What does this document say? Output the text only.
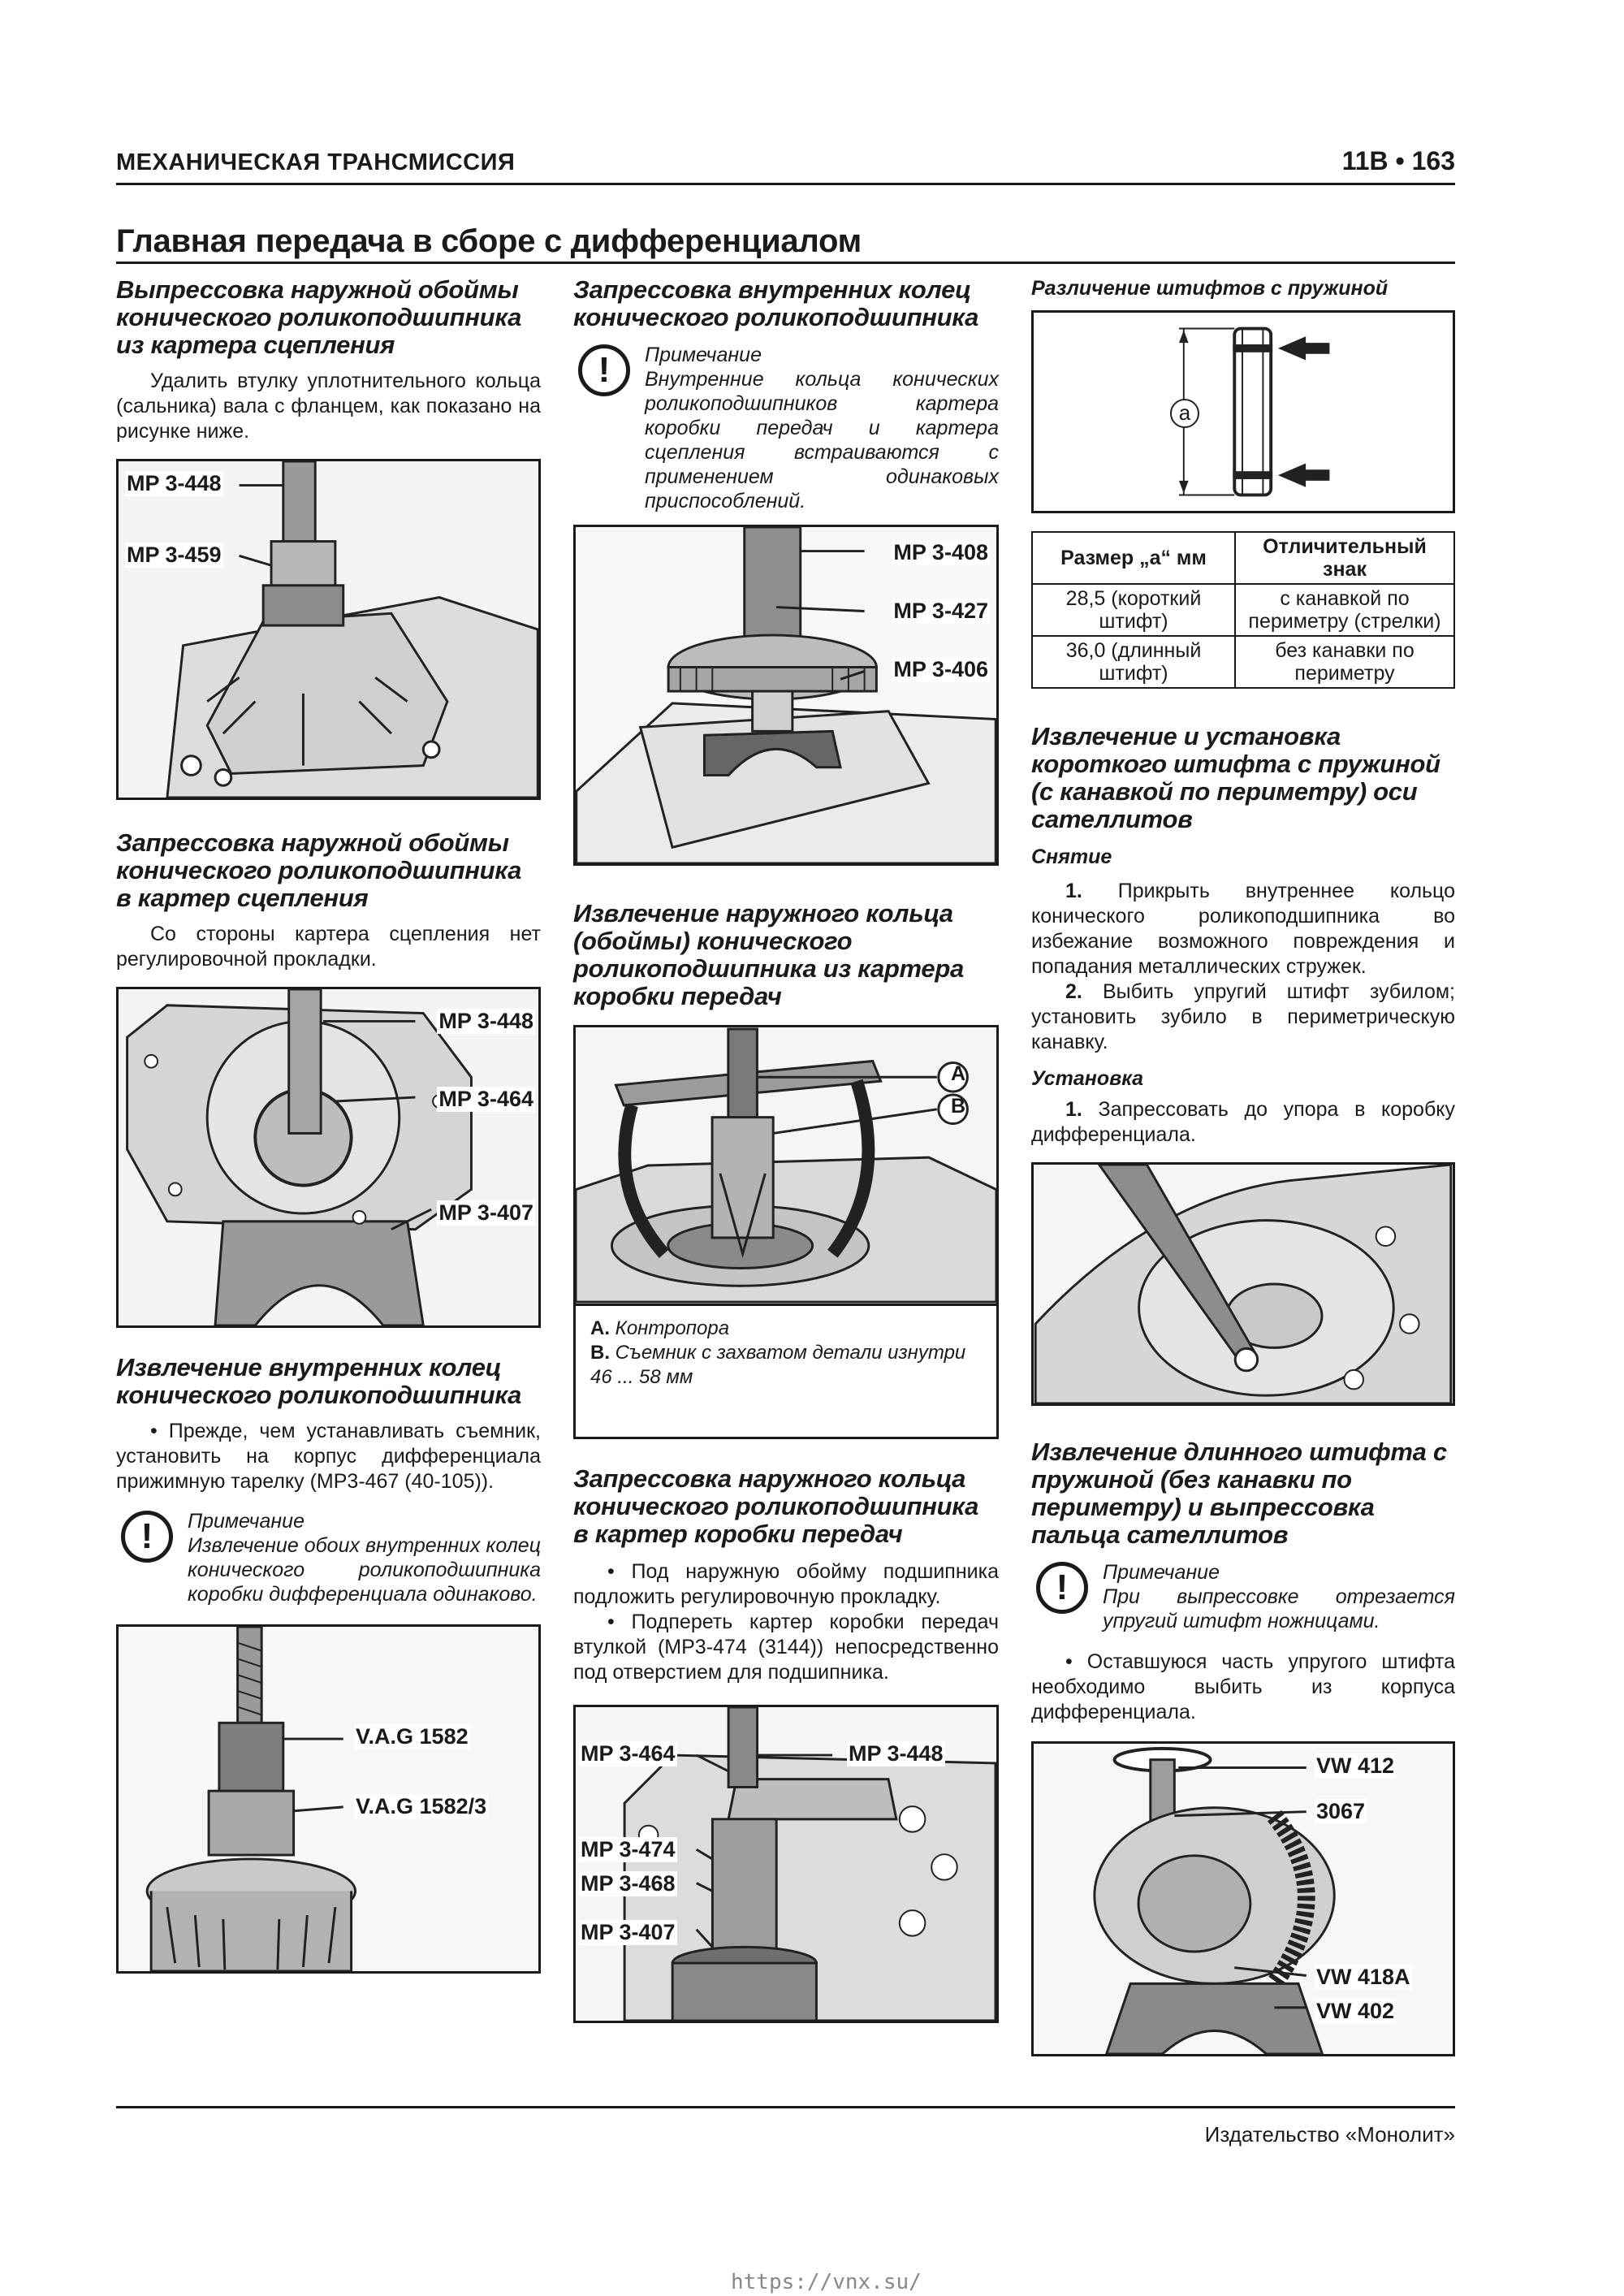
МЕХАНИЧЕСКАЯ ТРАНСМИССИЯ	11В • 163
Главная передача в сборе с дифференциалом
Выпрессовка наружной обоймы конического роликоподшипника из картера сцепления
Удалить втулку уплотнительного кольца (сальника) вала с фланцем, как показано на рисунке ниже.
MP 3-448
MP 3-459
Запрессовка наружной обоймы конического роликоподшипника в картер сцепления
Со стороны картера сцепления нет регулировочной прокладки.
MP 3-448
MP 3-464
MP 3-407
Извлечение внутренних колец конического роликоподшипника
• Прежде, чем устанавливать съемник, установить на корпус дифференциала прижимную тарелку (MP3-467 (40-105)).
!	Примечание
Извлечение обоих внутренних колец конического роликоподшипника коробки дифференциала одинаково.
V.A.G 1582
V.A.G 1582/3
Запрессовка внутренних колец конического роликоподшипника
!	Примечание
Внутренние кольца конических роликоподшипников картера коробки передач и картера сцепления встраиваются с применением одинаковых приспособлений.
MP 3-408
MP 3-427
MP 3-406
Извлечение наружного кольца (обоймы) конического роликоподшипника из картера коробки передач
A
B
A. Контропора
B. Съемник с захватом детали изнутри 46 ... 58 мм
Запрессовка наружного кольца конического роликоподшипника в картер коробки передач
• Под наружную обойму подшипника подложить регулировочную прокладку.
• Подпереть картер коробки передач втулкой (MP3-474 (3144)) непосредственно под отверстием для подшипника.
MP 3-464	MP 3-448
MP 3-474
MP 3-468
MP 3-407
Различение штифтов с пружиной
a
Размер „а“ мм	Отличительный знак
28,5 (короткий штифт)	с канавкой по периметру (стрелки)
36,0 (длинный штифт)	без канавки по периметру
Извлечение и установка короткого штифта с пружиной (с канавкой по периметру) оси сателлитов
Снятие
1. Прикрыть внутреннее кольцо конического роликоподшипника во избежание возможного повреждения и попадания металлических стружек.
2. Выбить упругий штифт зубилом; установить зубило в периметрическую канавку.
Установка
1. Запрессовать до упора в коробку дифференциала.
Извлечение длинного штифта с пружиной (без канавки по периметру) и выпрессовка пальца сателлитов
!	Примечание
При выпрессовке отрезается упругий штифт ножницами.
• Оставшуюся часть упругого штифта необходимо выбить из корпуса дифференциала.
VW 412
3067
VW 418A
VW 402
Издательство «Монолит»
https://vnx.su/
